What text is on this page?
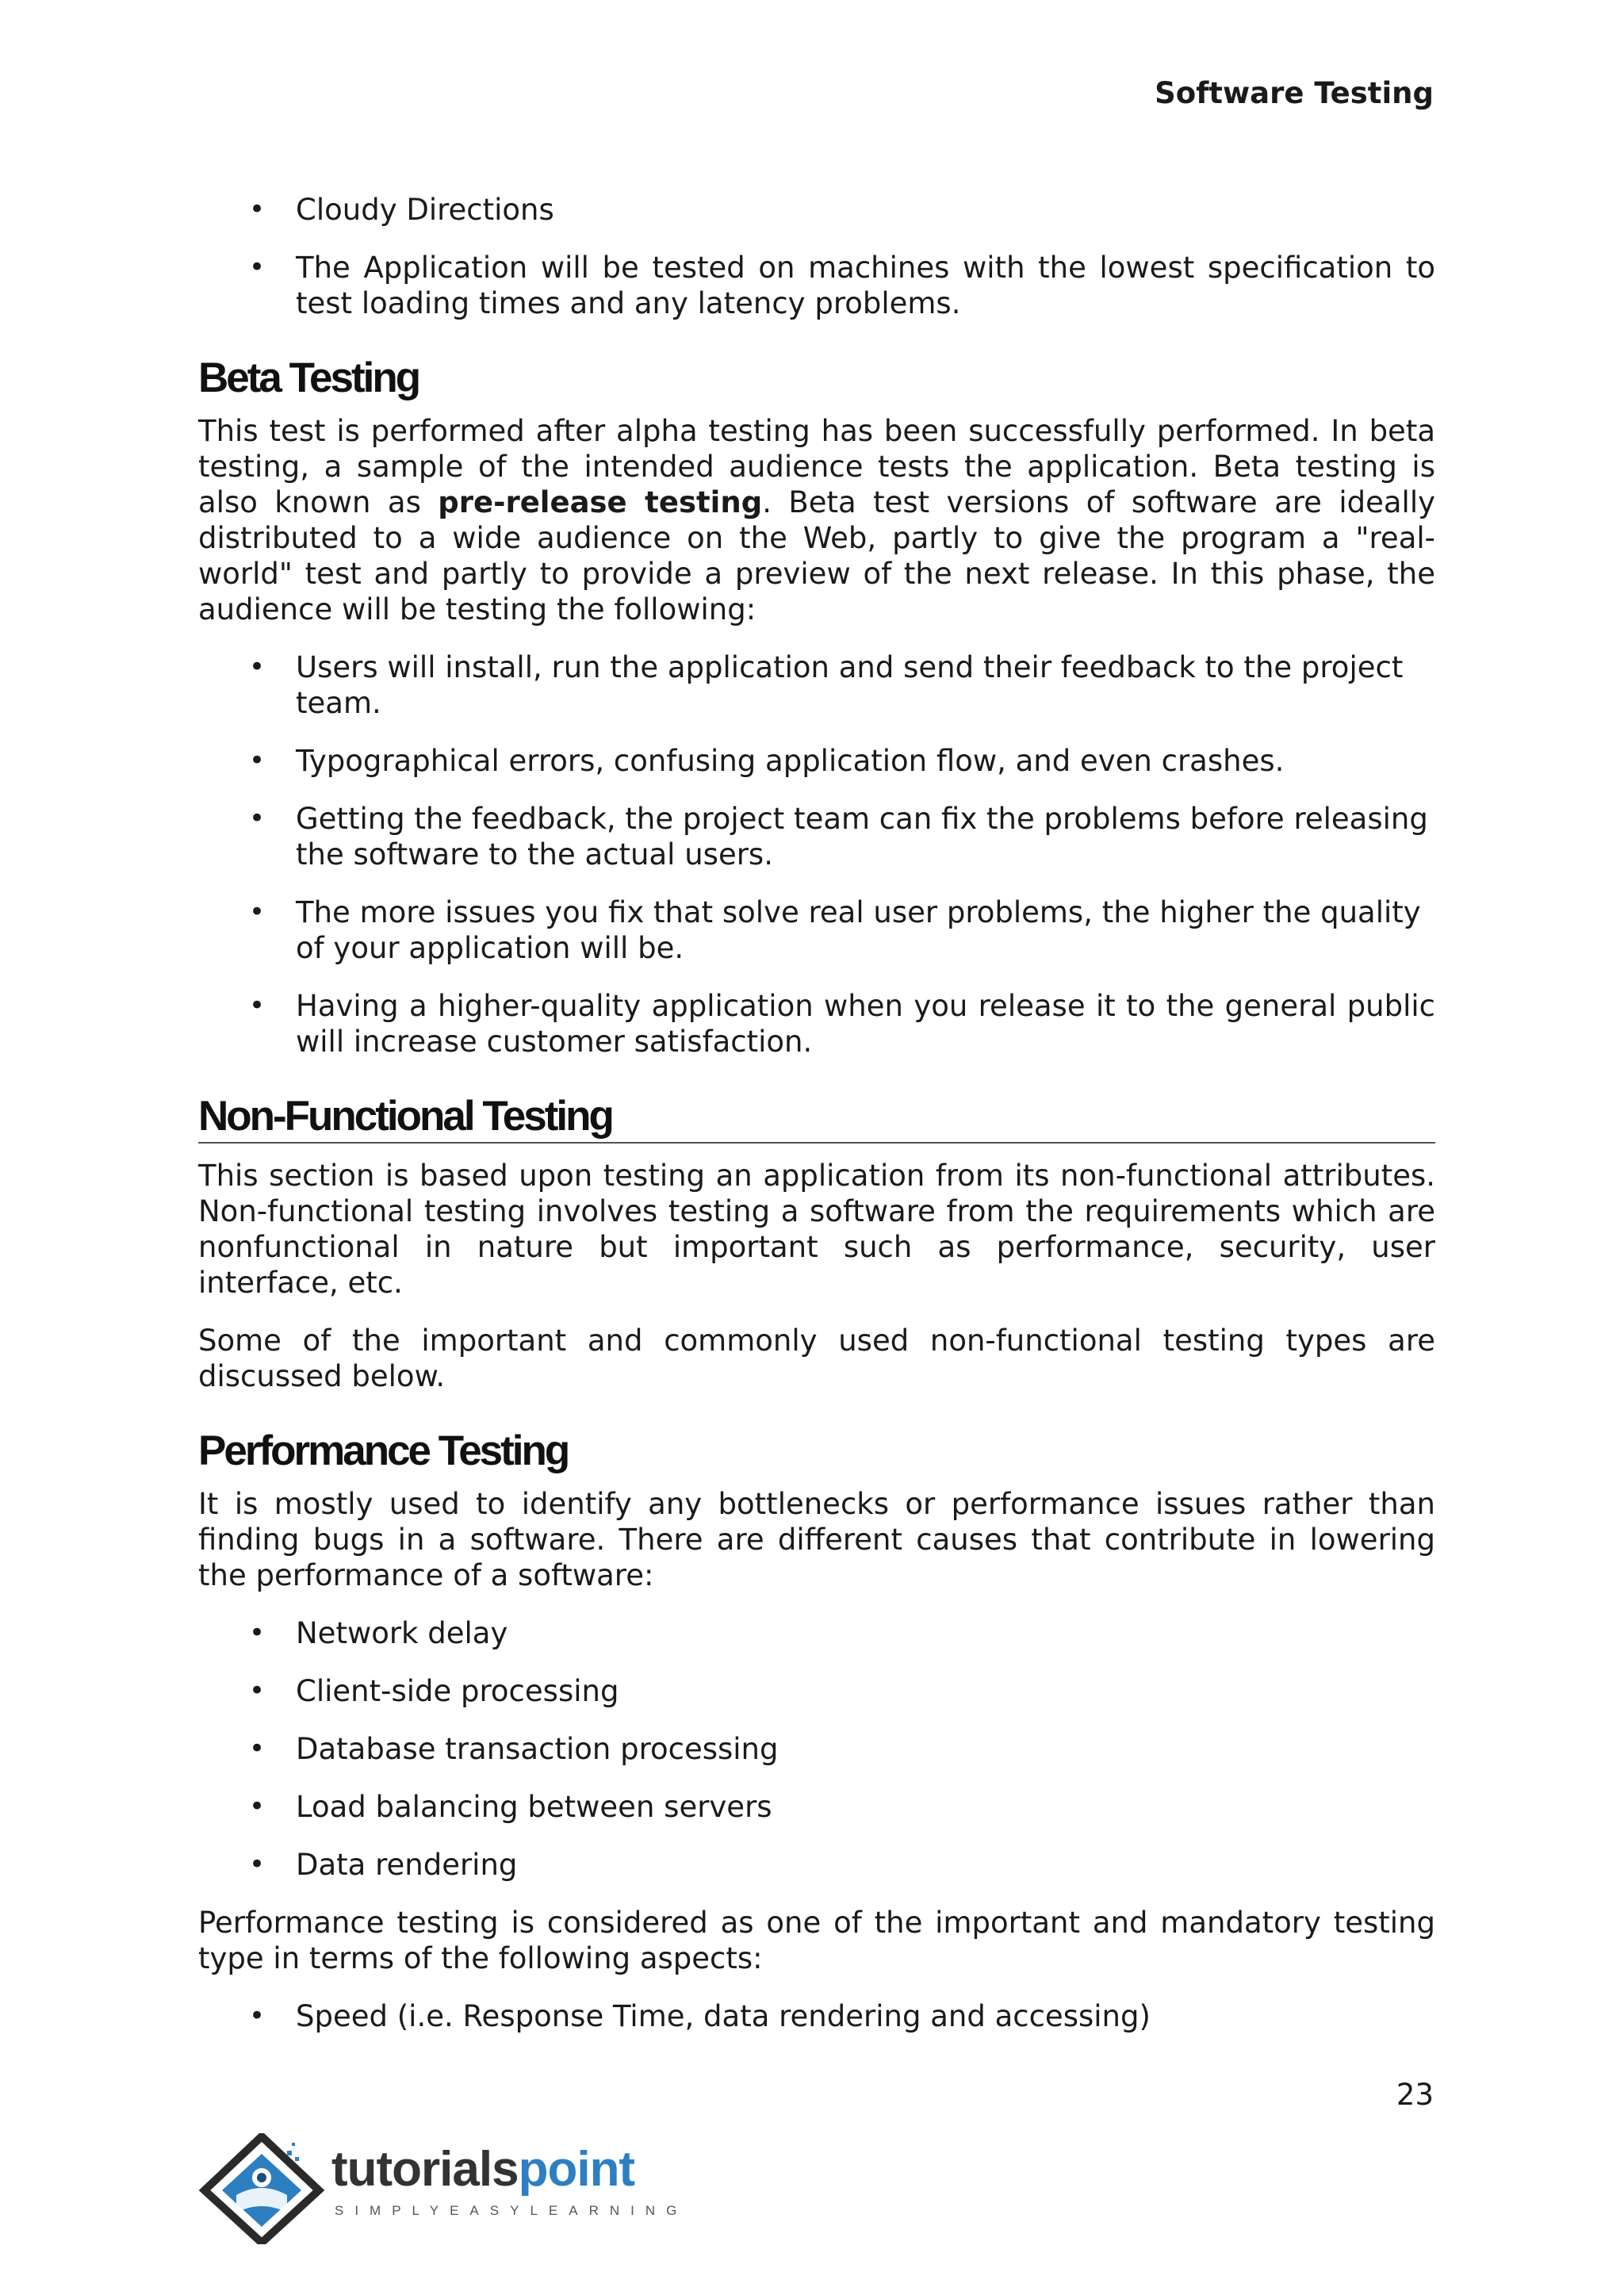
Software Testing
• Cloudy Directions
• The Application will be tested on machines with the lowest specification to test loading times and any latency problems.
Beta Testing

This test is performed after alpha testing has been successfully performed. In beta testing, a sample of the intended audience tests the application. Beta testing is also known as pre-release testing. Beta test versions of software are ideally distributed to a wide audience on the Web, partly to give the program a "real-world" test and partly to provide a preview of the next release. In this phase, the audience will be testing the following:

• Users will install, run the application and send their feedback to the project team.
• Typographical errors, confusing application flow, and even crashes.
• Getting the feedback, the project team can fix the problems before releasing the software to the actual users.
• The more issues you fix that solve real user problems, the higher the quality of your application will be.
• Having a higher-quality application when you release it to the general public will increase customer satisfaction.
Non-Functional Testing

This section is based upon testing an application from its non-functional attributes. Non-functional testing involves testing a software from the requirements which are nonfunctional in nature but important such as performance, security, user interface, etc.

Some of the important and commonly used non-functional testing types are discussed below.

Performance Testing

It is mostly used to identify any bottlenecks or performance issues rather than finding bugs in a software. There are different causes that contribute in lowering the performance of a software:

• Network delay
• Client-side processing
• Database transaction processing
• Load balancing between servers
• Data rendering

Performance testing is considered as one of the important and mandatory testing type in terms of the following aspects:

• Speed (i.e. Response Time, data rendering and accessing)
23
tutorialspoint
SIMPLYEASYLEARNING
